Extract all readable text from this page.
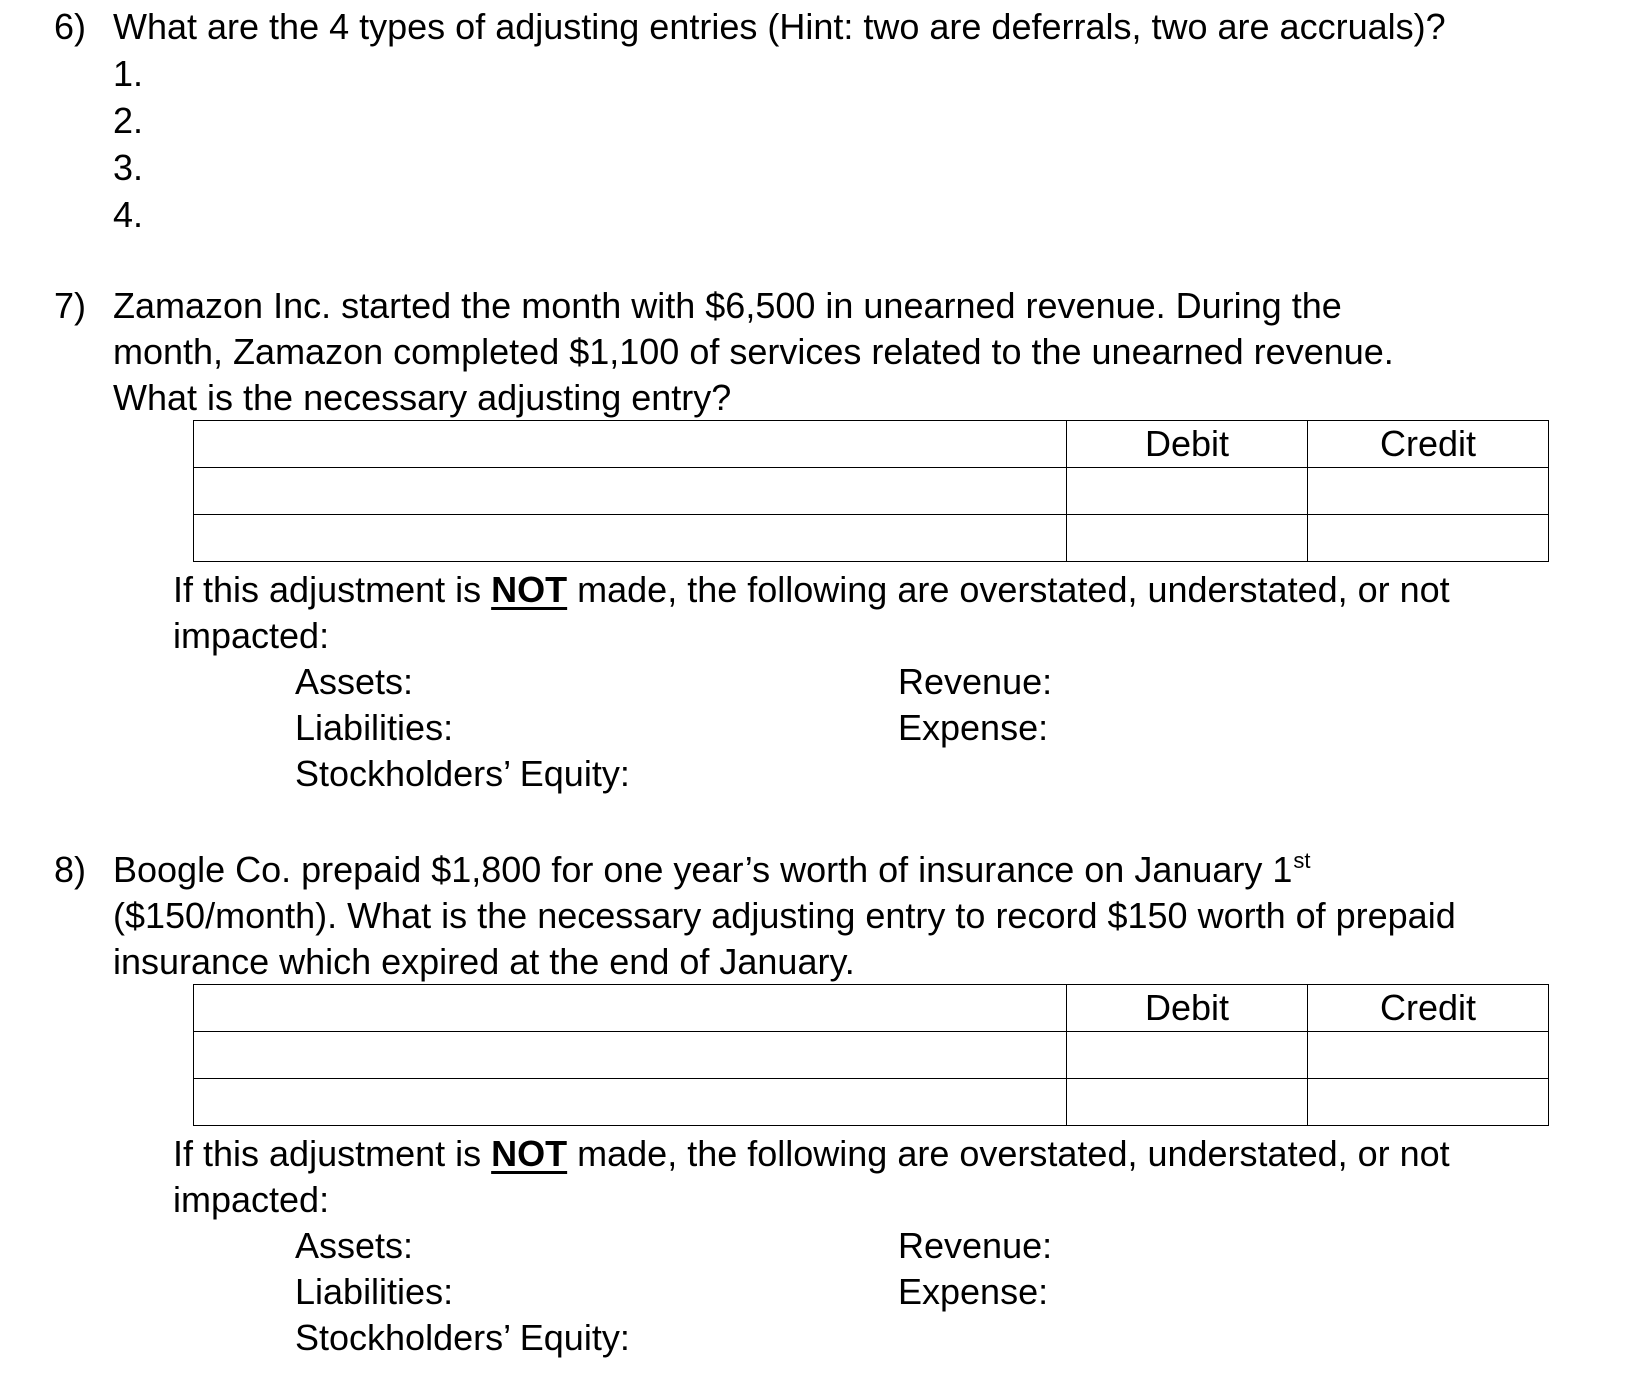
6) What are the 4 types of adjusting entries (Hint: two are deferrals, two are accruals)?
1.
2.
3.
4.
7) Zamazon Inc. started the month with $6,500 in unearned revenue. During the
month, Zamazon completed $1,100 of services related to the unearned revenue.
What is the necessary adjusting entry?
	Debit	Credit

If this adjustment is NOT made, the following are overstated, understated, or not
impacted:
Assets:
Liabilities:
Stockholders’ Equity:
Revenue:
Expense:
8) Boogle Co. prepaid $1,800 for one year’s worth of insurance on January 1st
($150/month). What is the necessary adjusting entry to record $150 worth of prepaid
insurance which expired at the end of January.
	Debit	Credit

If this adjustment is NOT made, the following are overstated, understated, or not
impacted:
Assets:
Liabilities:
Stockholders’ Equity:
Revenue:
Expense:
